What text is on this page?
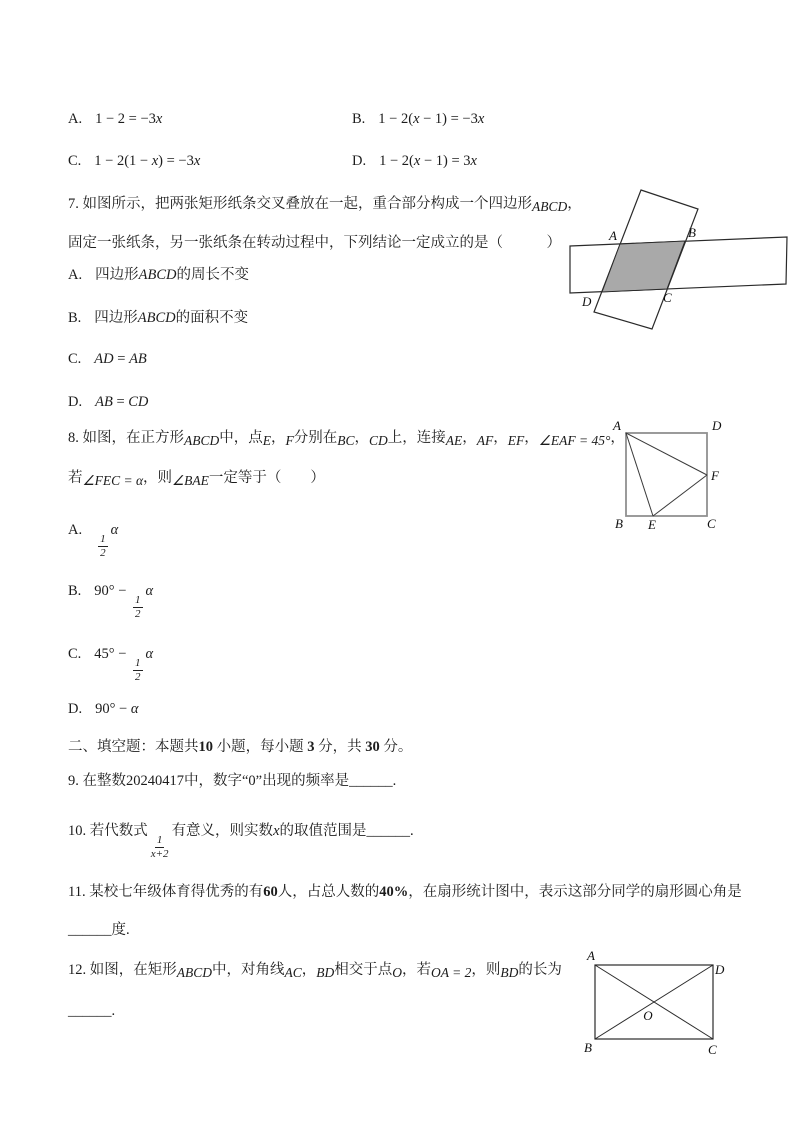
A. 1 − 2 = −3x	B. 1 − 2(x − 1) = −3x
C. 1 − 2(1 − x) = −3x	D. 1 − 2(x − 1) = 3x
7. 如图所示，把两张矩形纸条交叉叠放在一起，重合部分构成一个四边形ABCD，
固定一张纸条，另一张纸条在转动过程中，下列结论一定成立的是（　　　）
A. 四边形ABCD的周长不变
B. 四边形ABCD的面积不变
C. AD = AB
D. AB = CD
8. 如图，在正方形ABCD中，点E，F分别在BC，CD上，连接AE，AF，EF，∠EAF = 45°，
若∠FEC = α，则∠BAE一定等于（　　）
A.
$\frac{1}{2}$
α
B. 90° −
$\frac{1}{2}$
α
C. 45° −
$\frac{1}{2}$
α
D. 90° − α
二、填空题：本题共10 小题，每小题 3 分，共 30 分。
9. 在整数20240417中，数字“0”出现的频率是______.
10. 若代数式
$\frac{1}{x+2}$
有意义，则实数x的取值范围是______.
11. 某校七年级体育得优秀的有60人，占总人数的40%，在扇形统计图中，表示这部分同学的扇形圆心角是
______度.
12. 如图，在矩形ABCD中，对角线AC，BD相交于点O，若OA = 2，则BD的长为
______.
A	B
C
D
A	D
B E	C
F
A
D
B	C
O
